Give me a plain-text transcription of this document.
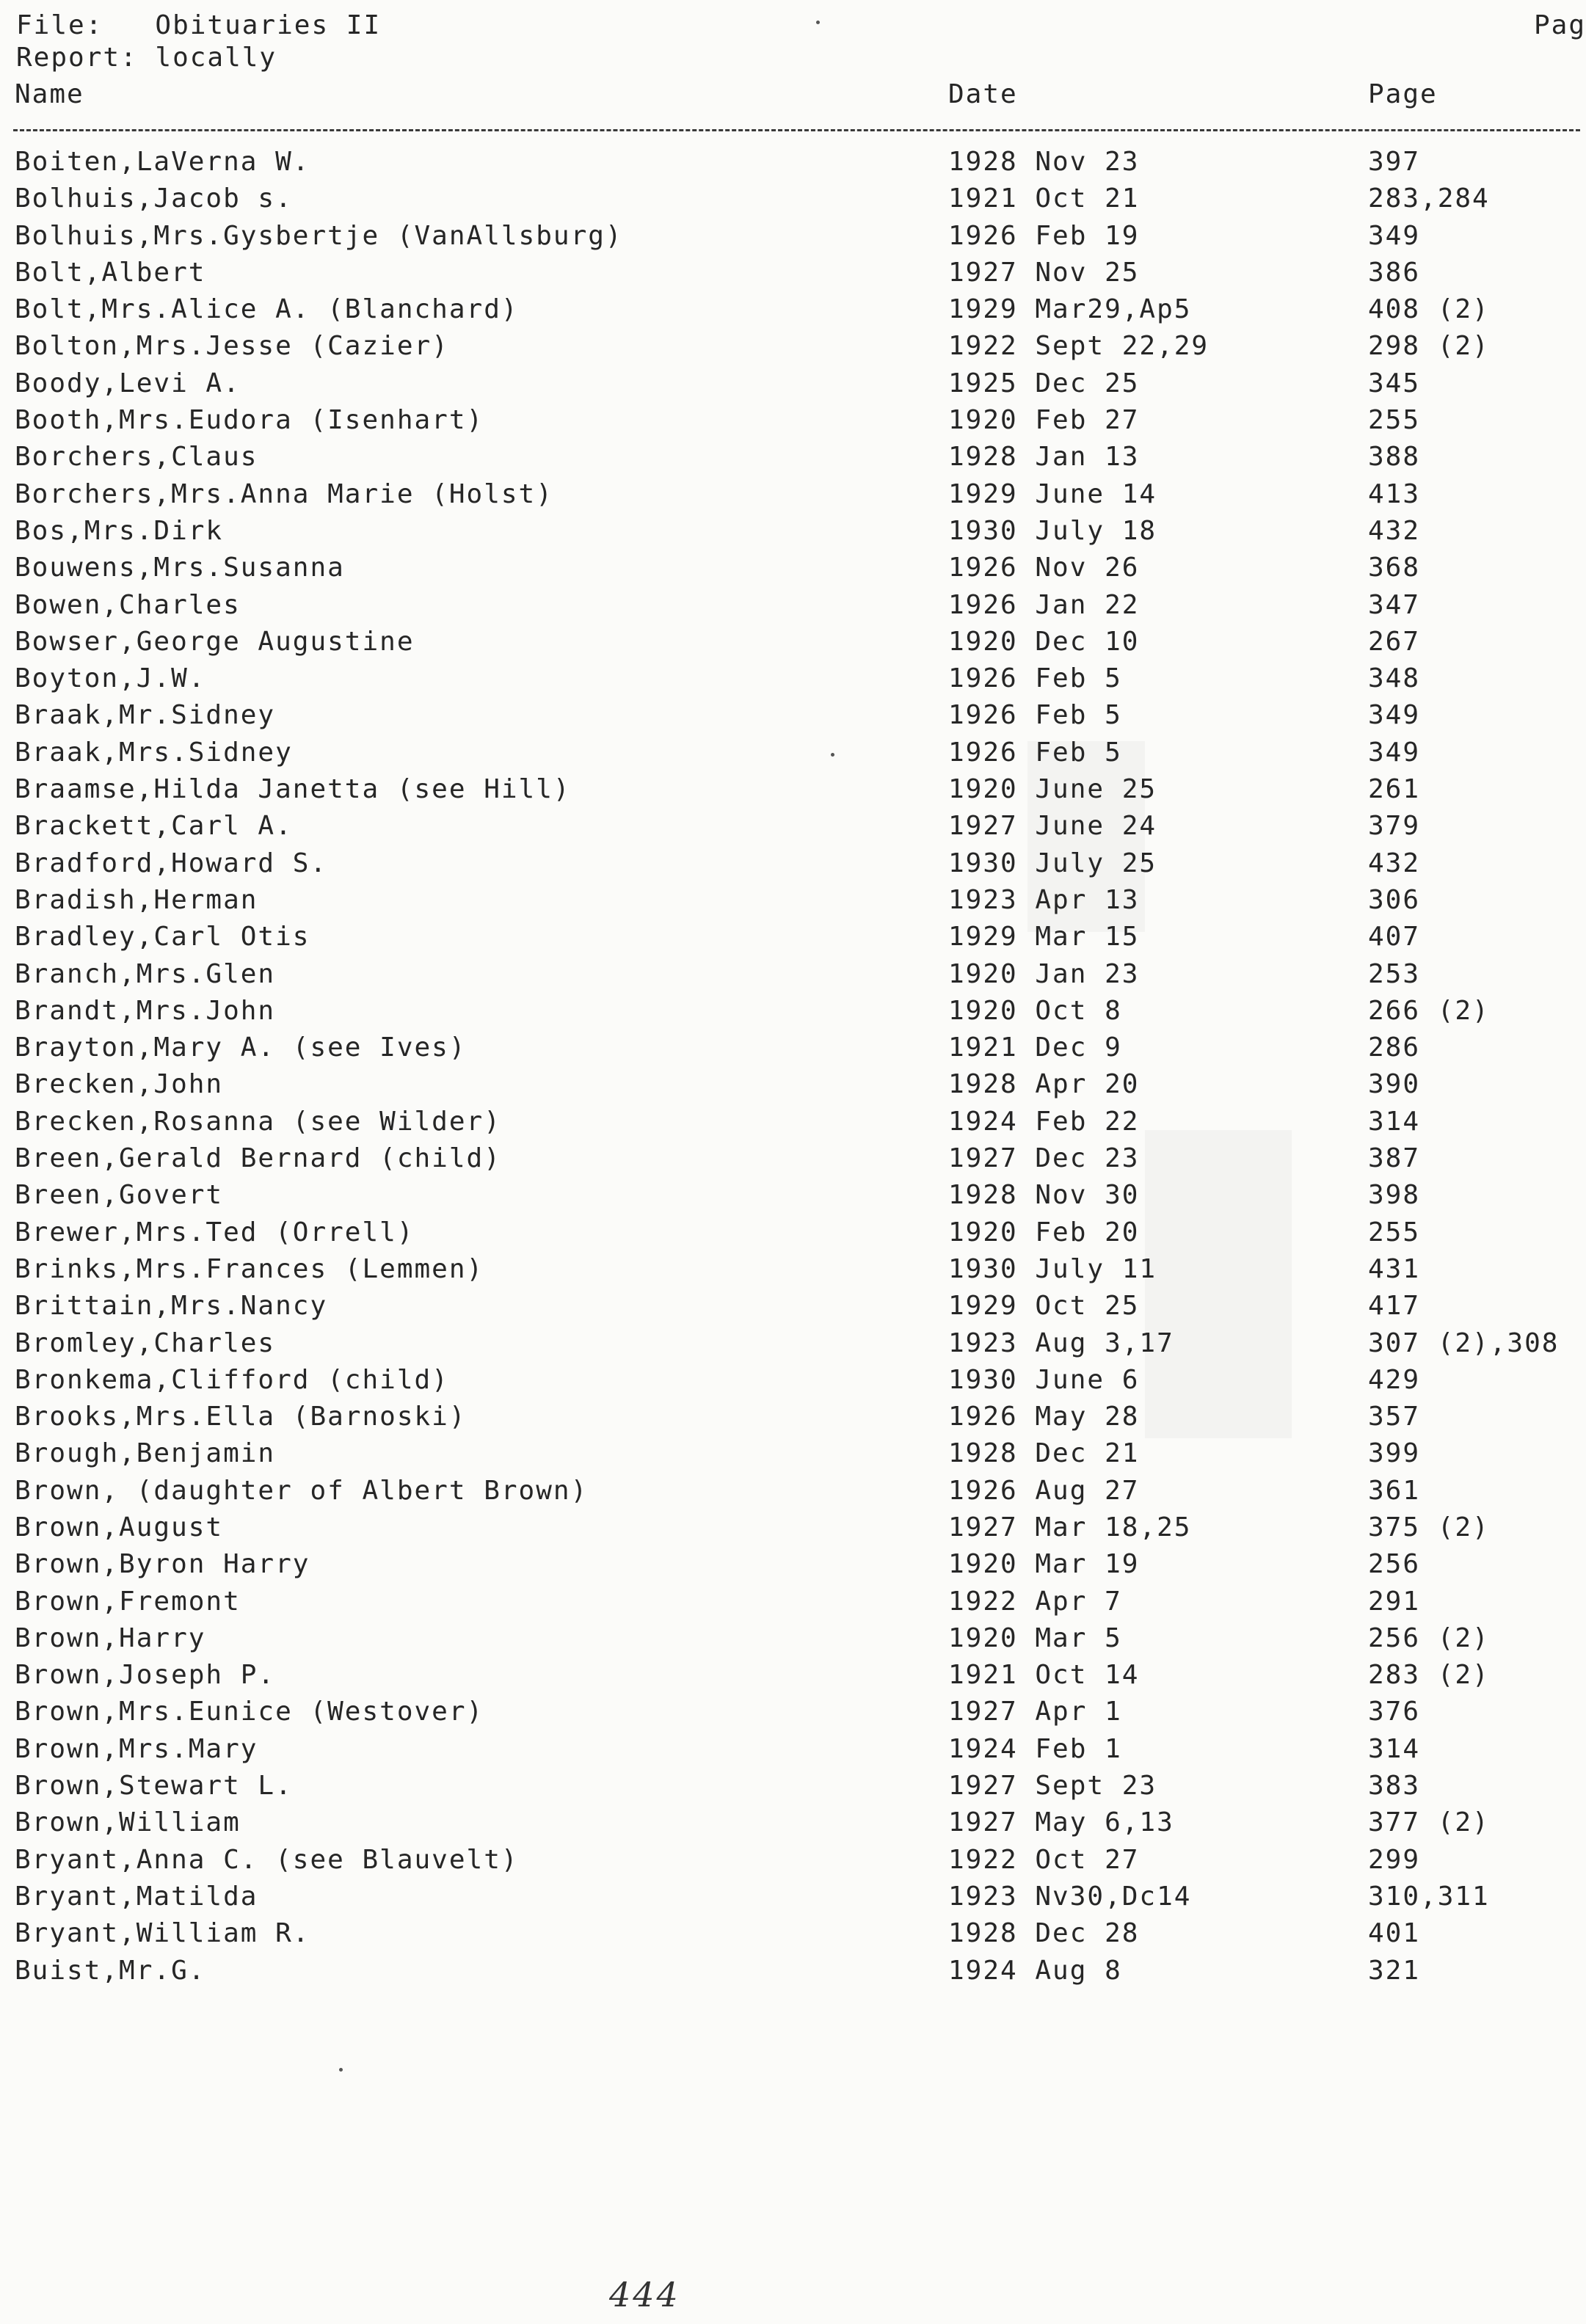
File:   Obituaries II
Report: locally
Pag
Name	Date	Page
Boiten,LaVerna W.	1928 Nov 23	397
Bolhuis,Jacob s.	1921 Oct 21	283,284
Bolhuis,Mrs.Gysbertje (VanAllsburg)	1926 Feb 19	349
Bolt,Albert	1927 Nov 25	386
Bolt,Mrs.Alice A. (Blanchard)	1929 Mar29,Ap5	408 (2)
Bolton,Mrs.Jesse (Cazier)	1922 Sept 22,29	298 (2)
Boody,Levi A.	1925 Dec 25	345
Booth,Mrs.Eudora (Isenhart)	1920 Feb 27	255
Borchers,Claus	1928 Jan 13	388
Borchers,Mrs.Anna Marie (Holst)	1929 June 14	413
Bos,Mrs.Dirk	1930 July 18	432
Bouwens,Mrs.Susanna	1926 Nov 26	368
Bowen,Charles	1926 Jan 22	347
Bowser,George Augustine	1920 Dec 10	267
Boyton,J.W.	1926 Feb 5	348
Braak,Mr.Sidney	1926 Feb 5	349
Braak,Mrs.Sidney	1926 Feb 5	349
Braamse,Hilda Janetta (see Hill)	1920 June 25	261
Brackett,Carl A.	1927 June 24	379
Bradford,Howard S.	1930 July 25	432
Bradish,Herman	1923 Apr 13	306
Bradley,Carl Otis	1929 Mar 15	407
Branch,Mrs.Glen	1920 Jan 23	253
Brandt,Mrs.John	1920 Oct 8	266 (2)
Brayton,Mary A. (see Ives)	1921 Dec 9	286
Brecken,John	1928 Apr 20	390
Brecken,Rosanna (see Wilder)	1924 Feb 22	314
Breen,Gerald Bernard (child)	1927 Dec 23	387
Breen,Govert	1928 Nov 30	398
Brewer,Mrs.Ted (Orrell)	1920 Feb 20	255
Brinks,Mrs.Frances (Lemmen)	1930 July 11	431
Brittain,Mrs.Nancy	1929 Oct 25	417
Bromley,Charles	1923 Aug 3,17	307 (2),308
Bronkema,Clifford (child)	1930 June 6	429
Brooks,Mrs.Ella (Barnoski)	1926 May 28	357
Brough,Benjamin	1928 Dec 21	399
Brown, (daughter of Albert Brown)	1926 Aug 27	361
Brown,August	1927 Mar 18,25	375 (2)
Brown,Byron Harry	1920 Mar 19	256
Brown,Fremont	1922 Apr 7	291
Brown,Harry	1920 Mar 5	256 (2)
Brown,Joseph P.	1921 Oct 14	283 (2)
Brown,Mrs.Eunice (Westover)	1927 Apr 1	376
Brown,Mrs.Mary	1924 Feb 1	314
Brown,Stewart L.	1927 Sept 23	383
Brown,William	1927 May 6,13	377 (2)
Bryant,Anna C. (see Blauvelt)	1922 Oct 27	299
Bryant,Matilda	1923 Nv30,Dc14	310,311
Bryant,William R.	1928 Dec 28	401
Buist,Mr.G.	1924 Aug 8	321
444
